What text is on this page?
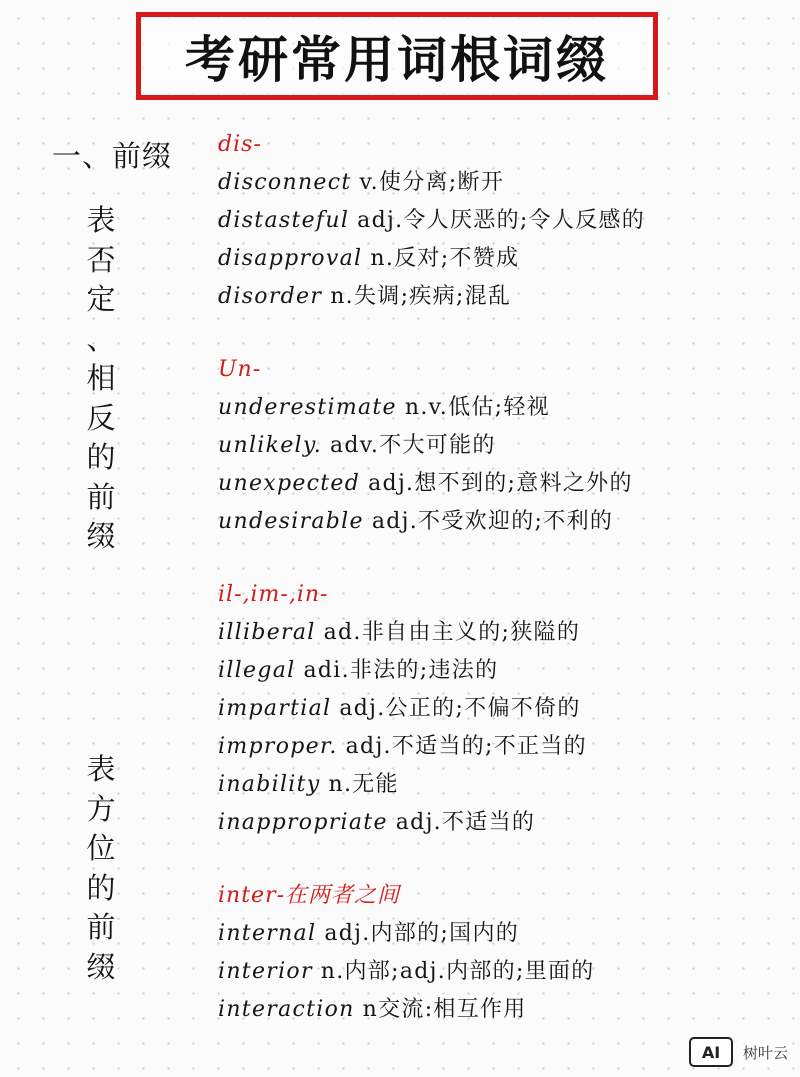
考研常用词根词缀
一、前缀
表
否
定
、
相
反
的
前
缀
表
方
位
的
前
缀
dis-
disconnect v.使分离;断开
distasteful adj.令人厌恶的;令人反感的
disapproval n.反对;不赞成
disorder n.失调;疾病;混乱
Un-
underestimate n.v.低估;轻视
unlikely. adv.不大可能的
unexpected adj.想不到的;意料之外的
undesirable adj.不受欢迎的;不利的
il-,im-,in-
illiberal ad.非自由主义的;狭隘的
illegal adi.非法的;违法的
impartial adj.公正的;不偏不倚的
improper. adj.不适当的;不正当的
inability n.无能
inappropriate adj.不适当的
inter-在两者之间
internal adj.内部的;国内的
interior n.内部;adj.内部的;里面的
interaction n交流:相互作用
AI	树叶云
